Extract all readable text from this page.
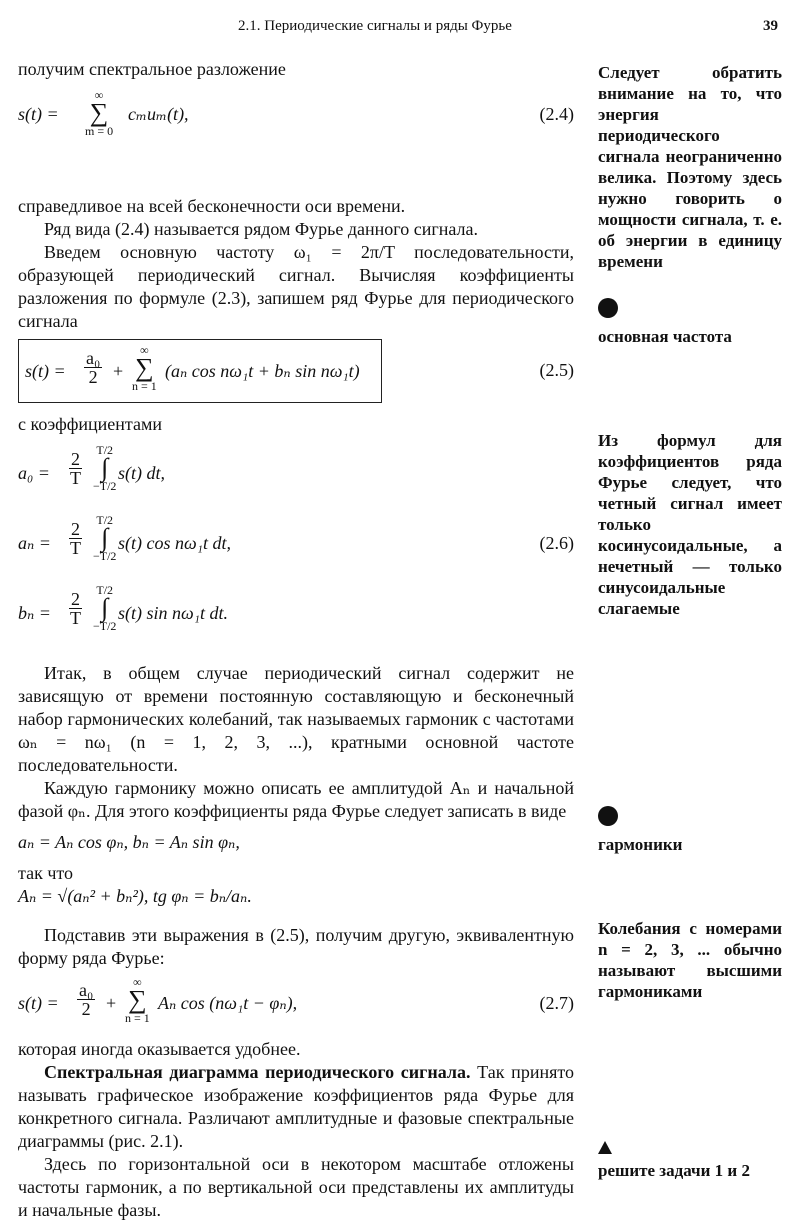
2.1. Периодические сигналы и ряды Фурье	39

получим спектральное разложение

s(t) =
∞
∑
m = 0
cₘuₘ(t),	(2.4)

справедливое на всей бесконечности оси времени.

Ряд вида (2.4) называется рядом Фурье данного сигнала.

Введем основную частоту ω₁ = 2π/T последовательности, образующей периодический сигнал. Вычисляя коэффициенты разложения по формуле (2.3), запишем ряд Фурье для периодического сигнала

$s(t) = \frac{\text{a₀}}{2}$ +
∞
∑
n = 1
(aₙ cos nω₁t + bₙ sin nω₁t)	(2.5)

с коэффициентами

$a_0 = \frac{2}{T} T/2$
∫
−T/2
s(t) dt,
$a_n = \frac{2}{T} T/2$
∫
−T/2
s(t) cos nω₁t dt,	(2.6)
$b_n = \frac{2}{T} T/2$
∫
−T/2
s(t) sin nω₁t dt.

Итак, в общем случае периодический сигнал содержит не зависящую от времени постоянную составляющую и бесконечный набор гармонических колебаний, так называемых гармоник с частотами ωₙ = nω₁ (n = 1, 2, 3, ...), кратными основной частоте последовательности.

Каждую гармонику можно описать ее амплитудой Aₙ и начальной фазой φₙ. Для этого коэффициенты ряда Фурье следует записать в виде

aₙ = Aₙ cos φₙ, bₙ = Aₙ sin φₙ,

так что

Aₙ = √(aₙ² + bₙ²), tg φₙ = bₙ/aₙ.

Подставив эти выражения в (2.5), получим другую, эквивалентную форму ряда Фурье:

$s(t) = \frac{\text{a₀}}{2}$ +
∞
∑
n = 1
Aₙ cos (nω₁t − φₙ),	(2.7)

которая иногда оказывается удобнее.

Спектральная диаграмма периодического сигнала. Так принято называть графическое изображение коэффициентов ряда Фурье для конкретного сигнала. Различают амплитудные и фазовые спектральные диаграммы (рис. 2.1).

Здесь по горизонтальной оси в некотором масштабе отложены частоты гармоник, а по вертикальной оси представлены их амплитуды и начальные фазы.

Следует обратить внимание на то, что энергия периодического сигнала неограниченно велика. Поэтому здесь нужно говорить о мощности сигнала, т. е. об энергии в единицу времени
основная частота
Из формул для коэффициентов ряда Фурье следует, что четный сигнал имеет только косинусоидальные, а нечетный — только синусоидальные слагаемые
гармоники
Колебания с номерами n = 2, 3, ... обычно называют высшими гармониками
решите задачи 1 и 2
